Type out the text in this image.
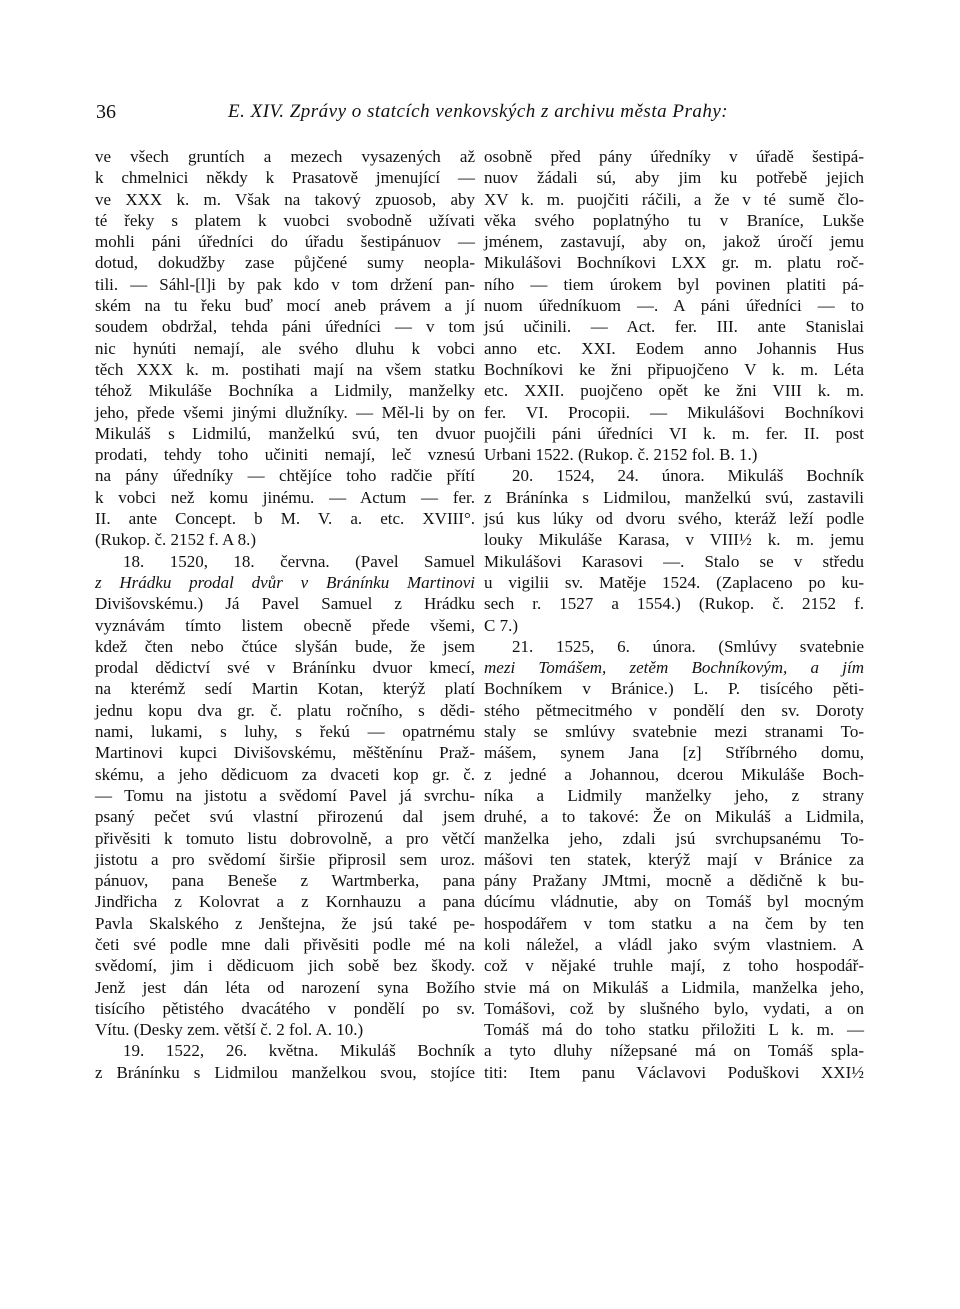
36	E. XIV. Zprávy o statcích venkovských z archivu města Prahy:
ve všech gruntích a mezech vysazených až
k chmelnici někdy k Prasatově jmenující —
ve XXX k. m. Však na takový zpuosob, aby
té řeky s platem k vuobci svobodně užívati
mohli páni úředníci do úřadu šestipánuov —
dotud, dokudžby zase půjčené sumy neopla-
tili. — Sáhl-[l]i by pak kdo v tom držení pan-
ském na tu řeku buď mocí aneb právem a jí
soudem obdržal, tehda páni úředníci — v tom
nic hynúti nemají, ale svého dluhu k vobci
těch XXX k. m. postihati mají na všem statku
téhož Mikuláše Bochníka a Lidmily, manželky
jeho, přede všemi jinými dlužníky. — Měl-li by on
Mikuláš s Lidmilú, manželkú svú, ten dvuor
prodati, tehdy toho učiniti nemají, leč vznesú
na pány úředníky — chtějíce toho radčie přítí
k vobci než komu jinému. — Actum — fer.
II. ante Concept. b M. V. a. etc. XVIII°.
(Rukop. č. 2152 f. A 8.)
18. 1520, 18. června. (Pavel Samuel
z Hrádku prodal dvůr v Bránínku Martinovi
Divišovskému.) Já Pavel Samuel z Hrádku
vyznávám tímto listem obecně přede všemi,
kdež čten nebo čtúce slyšán bude, že jsem
prodal dědictví své v Bránínku dvuor kmecí,
na kterémž sedí Martin Kotan, kterýž platí
jednu kopu dva gr. č. platu ročního, s dědi-
nami, lukami, s luhy, s řekú — opatrnému
Martinovi kupci Divišovskému, měštěnínu Praž-
skému, a jeho dědicuom za dvaceti kop gr. č.
— Tomu na jistotu a svědomí Pavel já svrchu-
psaný pečet svú vlastní přirozenú dal jsem
přivěsiti k tomuto listu dobrovolně, a pro větčí
jistotu a pro svědomí širšie připrosil sem uroz.
pánuov, pana Beneše z Wartmberka, pana
Jindřicha z Kolovrat a z Kornhauzu a pana
Pavla Skalského z Jenštejna, že jsú také pe-
četi své podle mne dali přivěsiti podle mé na
svědomí, jim i dědicuom jich sobě bez škody.
Jenž jest dán léta od narození syna Božího
tisícího pětistého dvacátého v pondělí po sv.
Vítu. (Desky zem. větší č. 2 fol. A. 10.)
19. 1522, 26. května. Mikuláš Bochník
z Bránínku s Lidmilou manželkou svou, stojíce
osobně před pány úředníky v úřadě šestipá-
nuov žádali sú, aby jim ku potřebě jejich
XV k. m. puojčiti ráčili, a že v té sumě člo-
věka svého poplatnýho tu v Braníce, Lukše
jménem, zastavují, aby on, jakož úročí jemu
Mikulášovi Bochníkovi LXX gr. m. platu roč-
ního — tiem úrokem byl povinen platiti pá-
nuom úředníkuom —. A páni úředníci — to
jsú učinili. — Act. fer. III. ante Stanislai
anno etc. XXI. Eodem anno Johannis Hus
Bochníkovi ke žni připuojčeno V k. m. Léta
etc. XXII. puojčeno opět ke žni VIII k. m.
fer. VI. Procopii. — Mikulášovi Bochníkovi
puojčili páni úředníci VI k. m. fer. II. post
Urbani 1522. (Rukop. č. 2152 fol. B. 1.)
20. 1524, 24. února. Mikuláš Bochník
z Bránínka s Lidmilou, manželkú svú, zastavili
jsú kus lúky od dvoru svého, kteráž leží podle
louky Mikuláše Karasa, v VIII½ k. m. jemu
Mikulášovi Karasovi —. Stalo se v středu
u vigilii sv. Matěje 1524. (Zaplaceno po ku-
sech r. 1527 a 1554.) (Rukop. č. 2152 f.
C 7.)
21. 1525, 6. února. (Smlúvy svatebnie
mezi Tomášem, zetěm Bochníkovým, a jím
Bochníkem v Bránice.) L. P. tisícého pěti-
stého pětmecitmého v pondělí den sv. Doroty
staly se smlúvy svatebnie mezi stranami To-
mášem, synem Jana [z] Stříbrného domu,
z jedné a Johannou, dcerou Mikuláše Boch-
níka a Lidmily manželky jeho, z strany
druhé, a to takové: Že on Mikuláš a Lidmila,
manželka jeho, zdali jsú svrchupsanému To-
mášovi ten statek, kterýž mají v Bránice za
pány Pražany JMtmi, mocně a dědičně k bu-
dúcímu vládnutie, aby on Tomáš byl mocným
hospodářem v tom statku a na čem by ten
koli náležel, a vládl jako svým vlastniem. A
což v nějaké truhle mají, z toho hospodář-
stvie má on Mikuláš a Lidmila, manželka jeho,
Tomášovi, což by slušného bylo, vydati, a on
Tomáš má do toho statku přiložiti L k. m. —
a tyto dluhy nížepsané má on Tomáš spla-
titi: Item panu Václavovi Poduškovi XXI½
